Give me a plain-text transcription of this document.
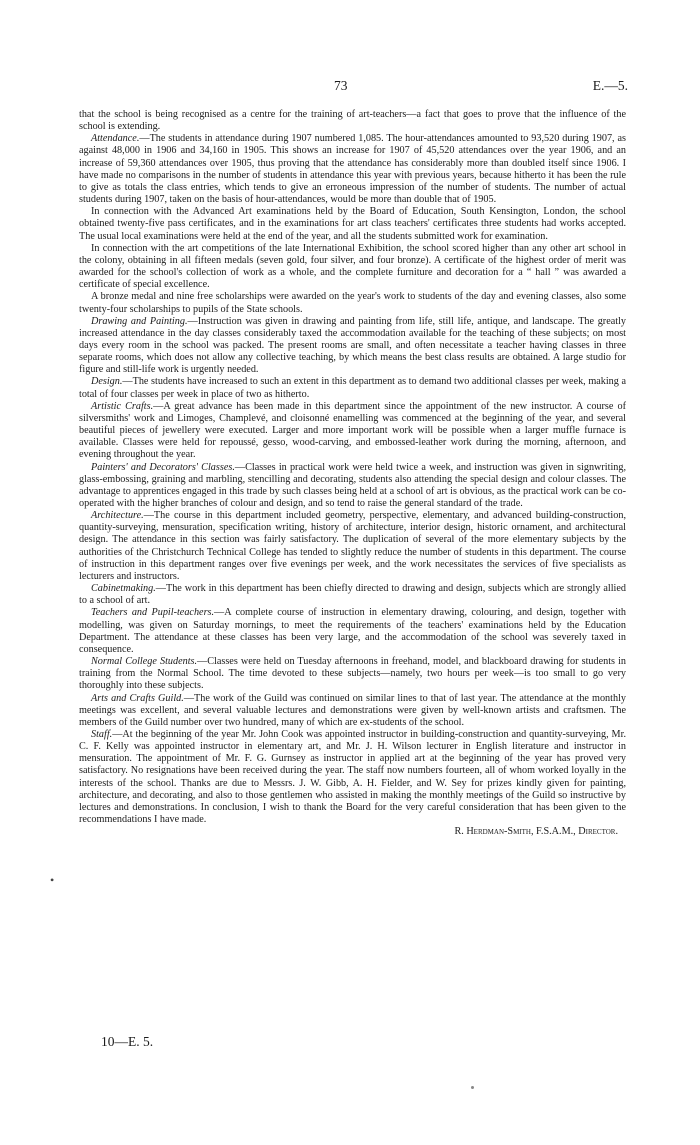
73	E.—5.
•

that the school is being recognised as a centre for the training of art-teachers—a fact that goes to prove that the influence of the school is extending.

Attendance.—The students in attendance during 1907 numbered 1,085. The hour-attendances amounted to 93,520 during 1907, as against 48,000 in 1906 and 34,160 in 1905. This shows an increase for 1907 of 45,520 attendances over the year 1906, and an increase of 59,360 attendances over 1905, thus proving that the attendance has considerably more than doubled itself since 1906. I have made no comparisons in the number of students in attendance this year with previous years, because hitherto it has been the rule to give as totals the class entries, which tends to give an erroneous impression of the number of students. The number of actual students during 1907, taken on the basis of hour-attendances, would be more than double that of 1905.

In connection with the Advanced Art examinations held by the Board of Education, South Kensington, London, the school obtained twenty-five pass certificates, and in the examinations for art class teachers' certificates three students had works accepted. The usual local examinations were held at the end of the year, and all the students submitted work for examination.

In connection with the art competitions of the late International Exhibition, the school scored higher than any other art school in the colony, obtaining in all fifteen medals (seven gold, four silver, and four bronze). A certificate of the highest order of merit was awarded for the school's collection of work as a whole, and the complete furniture and decoration for a “ hall ” was awarded a certificate of special excellence.

A bronze medal and nine free scholarships were awarded on the year's work to students of the day and evening classes, also some twenty-four scholarships to pupils of the State schools.

Drawing and Painting.—Instruction was given in drawing and painting from life, still life, antique, and landscape. The greatly increased attendance in the day classes considerably taxed the accommodation available for the teaching of these subjects; on most days every room in the school was packed. The present rooms are small, and often necessitate a teacher having classes in three separate rooms, which does not allow any collective teaching, by which means the best class results are obtained. A large studio for figure and still-life work is urgently needed.

Design.—The students have increased to such an extent in this department as to demand two additional classes per week, making a total of four classes per week in place of two as hitherto.

Artistic Crafts.—A great advance has been made in this department since the appointment of the new instructor. A course of silversmiths' work and Limoges, Champlevé, and cloisonné enamelling was commenced at the beginning of the year, and several beautiful pieces of jewellery were executed. Larger and more important work will be possible when a larger muffle furnace is available. Classes were held for repoussé, gesso, wood-carving, and embossed-leather work during the morning, afternoon, and evening throughout the year.

Painters' and Decorators' Classes.—Classes in practical work were held twice a week, and instruction was given in signwriting, glass-embossing, graining and marbling, stencilling and decorating, students also attending the special design and colour classes. The advantage to apprentices engaged in this trade by such classes being held at a school of art is obvious, as the practical work can be co-operated with the higher branches of colour and design, and so tend to raise the general standard of the trade.

Architecture.—The course in this department included geometry, perspective, elementary, and advanced building-construction, quantity-surveying, mensuration, specification writing, history of architecture, interior design, historic ornament, and architectural design. The attendance in this section was fairly satisfactory. The duplication of several of the more elementary subjects by the authorities of the Christchurch Technical College has tended to slightly reduce the number of students in this department. The course of instruction in this department ranges over five evenings per week, and the work necessitates the services of five specialists as lecturers and instructors.

Cabinetmaking.—The work in this department has been chiefly directed to drawing and design, subjects which are strongly allied to a school of art.

Teachers and Pupil-teachers.—A complete course of instruction in elementary drawing, colouring, and design, together with modelling, was given on Saturday mornings, to meet the requirements of the teachers' examinations held by the Education Department. The attendance at these classes has been very large, and the accommodation of the school was severely taxed in consequence.

Normal College Students.—Classes were held on Tuesday afternoons in freehand, model, and blackboard drawing for students in training from the Normal School. The time devoted to these subjects—namely, two hours per week—is too small to go very thoroughly into these subjects.

Arts and Crafts Guild.—The work of the Guild was continued on similar lines to that of last year. The attendance at the monthly meetings was excellent, and several valuable lectures and demonstrations were given by well-known artists and craftsmen. The members of the Guild number over two hundred, many of which are ex-students of the school.

Staff.—At the beginning of the year Mr. John Cook was appointed instructor in building-construction and quantity-surveying, Mr. C. F. Kelly was appointed instructor in elementary art, and Mr. J. H. Wilson lecturer in English literature and instructor in mensuration. The appointment of Mr. F. G. Gurnsey as instructor in applied art at the beginning of the year has proved very satisfactory. No resignations have been received during the year. The staff now numbers fourteen, all of whom worked loyally in the interests of the school. Thanks are due to Messrs. J. W. Gibb, A. H. Fielder, and W. Sey for prizes kindly given for painting, architecture, and decorating, and also to those gentlemen who assisted in making the monthly meetings of the Guild so instructive by lectures and demonstrations. In conclusion, I wish to thank the Board for the very careful consideration that has been given to the recommendations I have made.

R. Herdman-Smith, F.S.A.M., Director.

10—E. 5.
